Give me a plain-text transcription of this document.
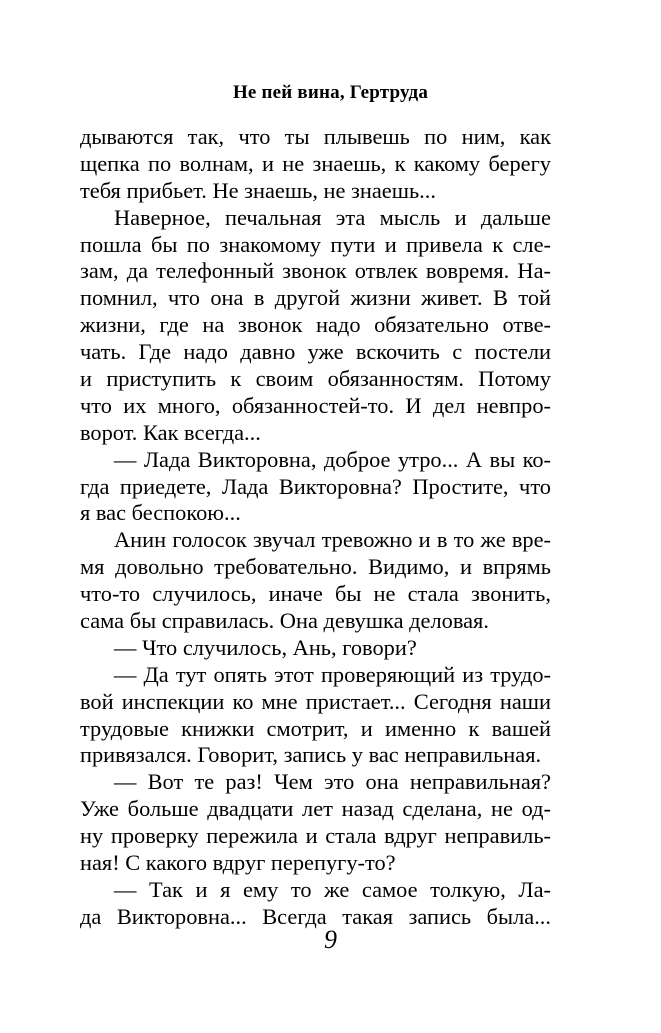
Не пей вина, Гертруда
дываются так, что ты плывешь по ним, как
щепка по волнам, и не знаешь, к какому берегу
тебя прибьет. Не знаешь, не знаешь...
Наверное, печальная эта мысль и дальше
пошла бы по знакомому пути и привела к сле-
зам, да телефонный звонок отвлек вовремя. На-
помнил, что она в другой жизни живет. В той
жизни, где на звонок надо обязательно отве-
чать. Где надо давно уже вскочить с постели
и приступить к своим обязанностям. Потому
что их много, обязанностей-то. И дел невпро-
ворот. Как всегда...
— Лада Викторовна, доброе утро... А вы ко-
гда приедете, Лада Викторовна? Простите, что
я вас беспокою...
Анин голосок звучал тревожно и в то же вре-
мя довольно требовательно. Видимо, и впрямь
что-то случилось, иначе бы не стала звонить,
сама бы справилась. Она девушка деловая.
— Что случилось, Ань, говори?
— Да тут опять этот проверяющий из трудо-
вой инспекции ко мне пристает... Сегодня наши
трудовые книжки смотрит, и именно к вашей
привязался. Говорит, запись у вас неправильная.
— Вот те раз! Чем это она неправильная?
Уже больше двадцати лет назад сделана, не од-
ну проверку пережила и стала вдруг неправиль-
ная! С какого вдруг перепугу-то?
— Так и я ему то же самое толкую, Ла-
да Викторовна... Всегда такая запись была...
9
